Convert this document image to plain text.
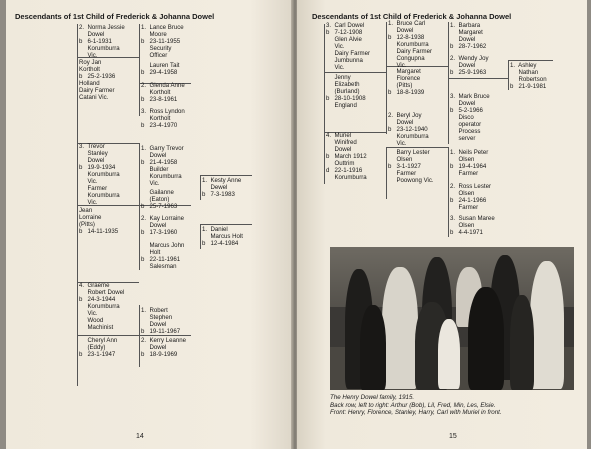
Descendants of 1st Child of Frederick & Johanna Dowel
2.  Norma Jessie
Dowel
b   6-1-1931
Korumburra
Vic.
1.  Lance Bruce
Moore
b   23-11-1955
Security
Officer
Roy Jan
Kortholt
b   25-2-1936
Holland
Dairy Farmer
Catani Vic.
Lauren Tait
b   29-4-1958
2.  Glenda Anne
Kortholt
b   23-8-1961
3.  Ross Lyndon
Kortholt
b   23-4-1970
3.  Trevor
Stanley
Dowel
b   19-9-1934
Korumburra
Vic.
Farmer
Korumburra
Vic.
1.  Garry Trevor
Dowel
b   21-4-1958
Builder
Korumburra
Vic.	1.  Kesty Anne
Dewel
b   7-3-1983
Gailanne
(Eaton)
b   25-7-1963
Jean
Lorraine
(Pitts)
b   14-11-1935
2.  Kay Lorraine
Dowel
b   17-3-1960	1.  Daniel
Marcus Holt
b   12-4-1984
Marcus John
Holt
b   22-11-1961
Salesman
4.  Graeme
Robert Dowel
b   24-3-1944
Korumburra
Vic.
Wood
Machinist
1.  Robert
Stephen
Dowel
b   19-11-1967
Cheryl Ann
(Eddy)
b   23-1-1947
2.  Kerry Leanne
Dowel
b   18-9-1969
14
Descendants of 1st Child of Frederick & Johanna Dowel
3.  Carl Dowel
b   7-12-1908
Glen Alvie
Vic.
Dairy Farmer
Jumbunna
Vic.
1.  Bruce Carl
Dowel
b   12-8-1938
Korumburra
Dairy Farmer
Congupna
Vic.
1.  Barbara
Margaret
Dowel
b   28-7-1962
Jenny
Elizabeth
(Burland)
b   28-10-1908
England
Margaret
Florence
(Pitts)
b   18-8-1939
2.  Wendy Joy
Dowel
b   25-9-1963
1.  Ashley
Nathan
Robertson
b   21-9-1981
2.  Beryl Joy
Dowel
b   23-12-1940
Korumburra
Vic.
3.  Mark Bruce
Dowel
b   5-2-1966
Disco
operator
Process
server
4.  Muriel
Winifred
Dowel
b   March 1912
Outtrim
d   22-1-1916
Korumburra
Barry Lester
Olsen
b   3-1-1927
Farmer
Poowong Vic.
1.  Neils Peter
Olsen
b   19-4-1964
Farmer
2.  Ross Lester
Olsen
b   24-1-1966
Farmer
3.  Susan Maree
Olsen
b   4-4-1971
The Henry Dowel family, 1915.
Back row, left to right: Arthur (Bob), Lil, Fred, Min, Les, Elsie.
Front: Henry, Florence, Stanley, Harry, Carl with Muriel in front.
15
